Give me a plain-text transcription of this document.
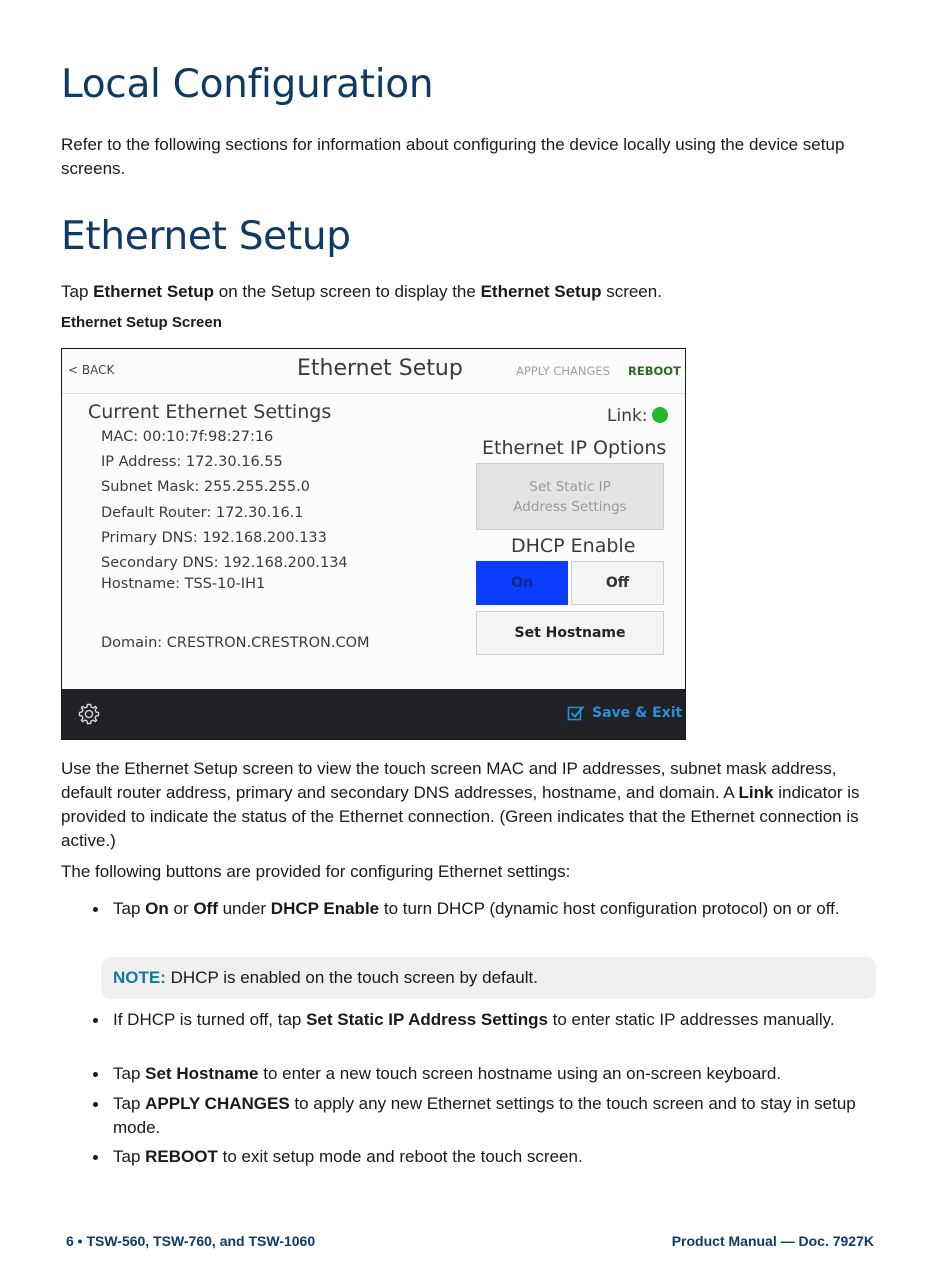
Local Configuration

Refer to the following sections for information about configuring the device locally using the device setup screens.

Ethernet Setup

Tap Ethernet Setup on the Setup screen to display the Ethernet Setup screen.

Ethernet Setup Screen

< BACK	Ethernet Setup	APPLY CHANGES REBOOT
Current Ethernet Settings
MAC: 00:10:7f:98:27:16
IP Address: 172.30.16.55
Subnet Mask: 255.255.255.0
Default Router: 172.30.16.1
Primary DNS: 192.168.200.133
Secondary DNS: 192.168.200.134
Hostname: TSS-10-IH1
Domain: CRESTRON.CRESTRON.COM
Link:
Ethernet IP Options
Set Static IP
Address Settings
DHCP Enable
On	Off
Set Hostname
Save & Exit

Use the Ethernet Setup screen to view the touch screen MAC and IP addresses, subnet mask address, default router address, primary and secondary DNS addresses, hostname, and domain. A Link indicator is provided to indicate the status of the Ethernet connection. (Green indicates that the Ethernet connection is active.)

The following buttons are provided for configuring Ethernet settings:

Tap On or Off under DHCP Enable to turn DHCP (dynamic host configuration protocol) on or off.

NOTE: DHCP is enabled on the touch screen by default.

If DHCP is turned off, tap Set Static IP Address Settings to enter static IP addresses manually.

Tap Set Hostname to enter a new touch screen hostname using an on-screen keyboard.

Tap APPLY CHANGES to apply any new Ethernet settings to the touch screen and to stay in setup mode.

Tap REBOOT to exit setup mode and reboot the touch screen.

6 • TSW-560, TSW-760, and TSW-1060	Product Manual — Doc. 7927K
